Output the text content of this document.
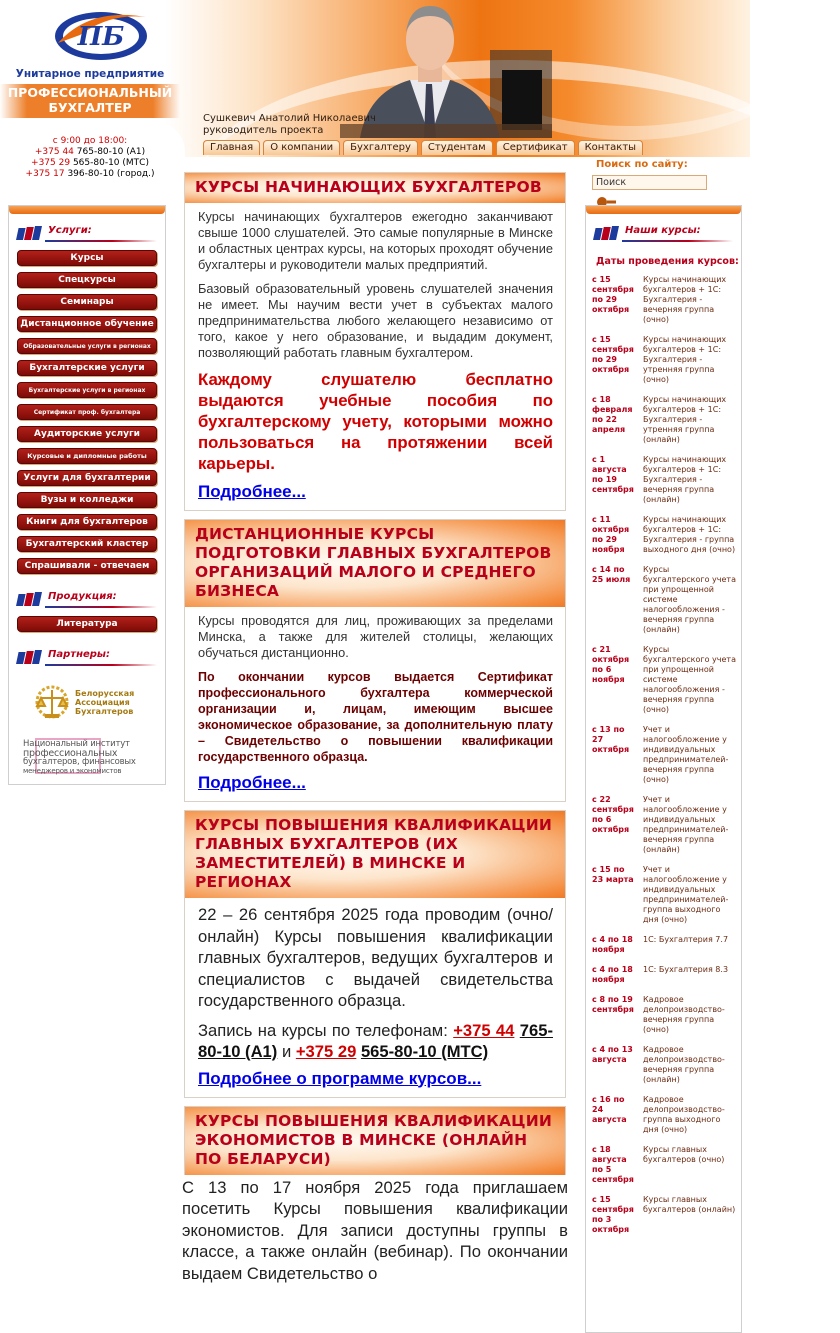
ПБ
Унитарное предприятие
ПРОФЕССИОНАЛЬНЫЙ
БУХГАЛТЕР
Сушкевич Анатолий Николаевич
руководитель проекта
с 9:00 до 18:00:
+375 44 765-80-10 (A1)
+375 29 565-80-10 (МТС)
+375 17 396-80-10 (город.)
Главная	О компании	Бухгалтеру	Студентам	Сертификат	Контакты
Поиск по сайту:
Поиск
Услуги:
Курсы
Спецкурсы
Семинары
Дистанционное обучение
Образовательные услуги в регионах
Бухгалтерские услуги
Бухгалтерские услуги в регионах
Сертификат проф. бухгалтера
Аудиторские услуги
Курсовые и дипломные работы
Услуги для бухгалтерии
Вузы и колледжи
Книги для бухгалтеров
Бухгалтерский кластер
Спрашивали - отвечаем
Продукция:
Литература
Партнеры:
Белорусская Ассоциация Бухгалтеров
Национальный институт
профессиональных
бухгалтеров, финансовых
менеджеров и экономистов
КУРСЫ НАЧИНАЮЩИХ БУХГАЛТЕРОВ

Курсы начинающих бухгалтеров ежегодно заканчивают свыше 1000 слушателей. Это самые популярные в Минске и областных центрах курсы, на которых проходят обучение бухгалтеры и руководители малых предприятий.

Базовый образовательный уровень слушателей значения не имеет. Мы научим вести учет в субъектах малого предпринимательства любого желающего независимо от того, какое у него образование, и выдадим документ, позволяющий работать главным бухгалтером.

Каждому слушателю бесплатно выдаются учебные пособия по бухгалтерскому учету, которыми можно пользоваться на протяжении всей карьеры.

Подробнее...
ДИСТАНЦИОННЫЕ КУРСЫ ПОДГОТОВКИ ГЛАВНЫХ БУХГАЛТЕРОВ ОРГАНИЗАЦИЙ МАЛОГО И СРЕДНЕГО БИЗНЕСА

Курсы проводятся для лиц, проживающих за пределами Минска, а также для жителей столицы, желающих обучаться дистанционно.

По окончании курсов выдается Сертификат профессионального бухгалтера коммерческой организации и, лицам, имеющим высшее экономическое образование, за дополнительную плату – Свидетельство о повышении квалификации государственного образца.

Подробнее...
КУРСЫ ПОВЫШЕНИЯ КВАЛИФИКАЦИИ ГЛАВНЫХ БУХГАЛТЕРОВ (ИХ ЗАМЕСТИТЕЛЕЙ) В МИНСКЕ И РЕГИОНАХ

22 – 26 сентября 2025 года проводим (очно/онлайн) Курсы повышения квалификации главных бухгалтеров, ведущих бухгалтеров и специалистов с выдачей свидетельства государственного образца.

Запись на курсы по телефонам: +375 44 765-80-10 (A1) и +375 29 565-80-10 (МТС)

Подробнее о программе курсов...
КУРСЫ ПОВЫШЕНИЯ КВАЛИФИКАЦИИ ЭКОНОМИСТОВ В МИНСКЕ (ОНЛАЙН ПО БЕЛАРУСИ)
С 13 по 17 ноября 2025 года приглашаем посетить Курсы повышения квалификации экономистов. Для записи доступны группы в классе, а также онлайн (вебинар). По окончании выдаем Свидетельство о
Наши курсы:
Даты проведения курсов:
с 15 сентября по 29 октября
Курсы начинающих бухгалтеров + 1С: Бухгалтерия - вечерняя группа (очно)
с 15 сентября по 29 октября
Курсы начинающих бухгалтеров + 1С: Бухгалтерия - утренняя группа (очно)
с 18 февраля по 22 апреля
Курсы начинающих бухгалтеров + 1С: Бухгалтерия - утренняя группа (онлайн)
с 1 августа по 19 сентября
Курсы начинающих бухгалтеров + 1С: Бухгалтерия - вечерняя группа (онлайн)
с 11 октября по 29 ноября
Курсы начинающих бухгалтеров + 1С: Бухгалтерия - группа выходного дня (очно)
с 14 по 25 июля
Курсы бухгалтерского учета при упрощенной системе налогообложения - вечерняя группа (онлайн)
с 21 октября по 6 ноября
Курсы бухгалтерского учета при упрощенной системе налогообложения - вечерняя группа (очно)
с 13 по 27 октября
Учет и налогообложение у индивидуальных предпринимателей- вечерняя группа (очно)
с 22 сентября по 6 октября
Учет и налогообложение у индивидуальных предпринимателей- вечерняя группа (онлайн)
с 15 по 23 марта
Учет и налогообложение у индивидуальных предпринимателей- группа выходного дня (очно)
с 4 по 18 ноября
1С: Бухгалтерия 7.7
с 4 по 18 ноября
1С: Бухгалтерия 8.3
с 8 по 19 сентября
Кадровое делопроизводство- вечерняя группа (очно)
с 4 по 13 августа
Кадровое делопроизводство- вечерняя группа (онлайн)
с 16 по 24 августа
Кадровое делопроизводство- группа выходного дня (очно)
с 18 августа по 5 сентября
Курсы главных бухгалтеров (очно)
с 15 сентября по 3 октября
Курсы главных бухгалтеров (онлайн)
